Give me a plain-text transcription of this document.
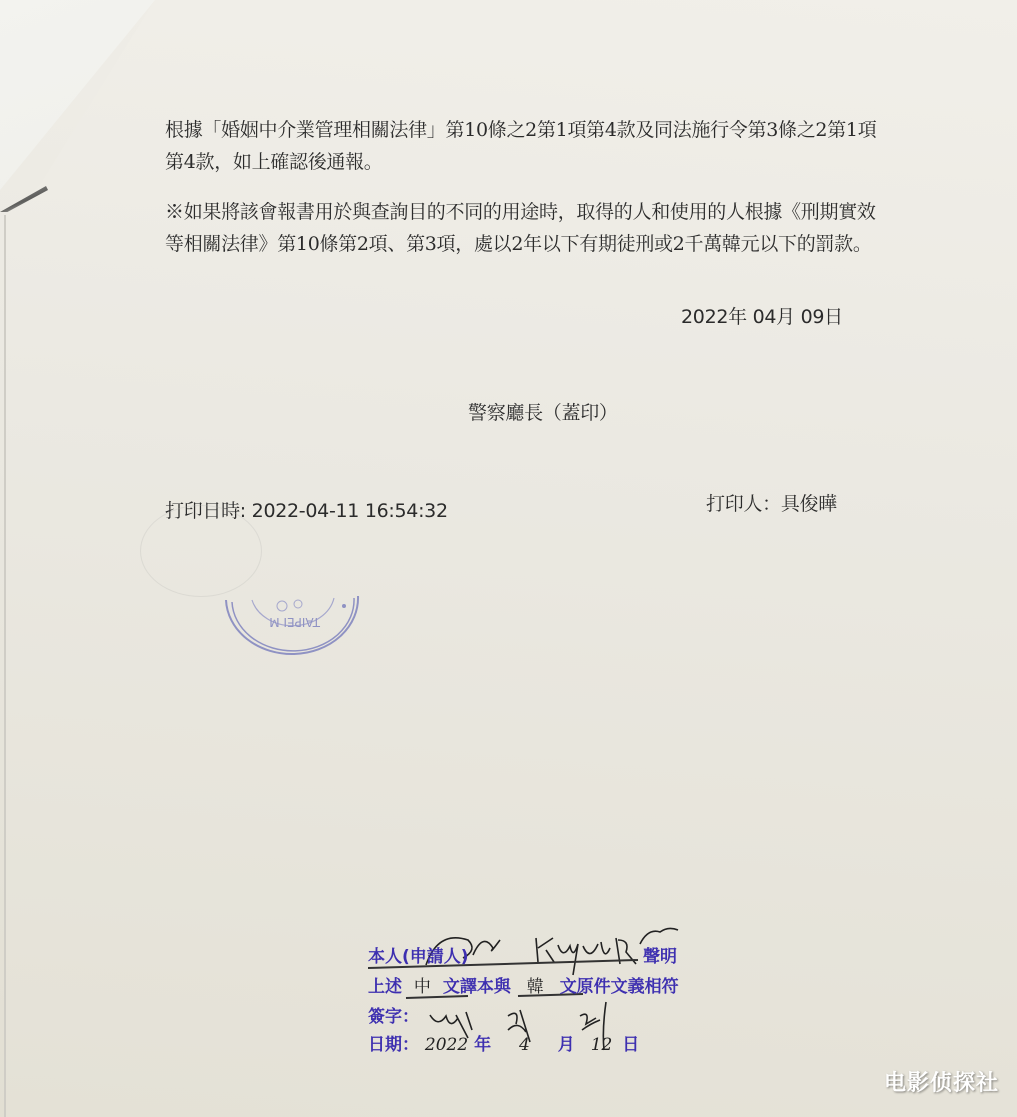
根據「婚姻中介業管理相關法律」第10條之2第1項第4款及同法施行令第3條之2第1項第4款，如上確認後通報。
※如果將該會報書用於與查詢目的不同的用途時，取得的人和使用的人根據《刑期實效等相關法律》第10條第2項、第3項，處以2年以下有期徒刑或2千萬韓元以下的罰款。
2022年 04月 09日
警察廳長（蓋印）
打印日時: 2022-04-11 16:54:32	打印人：具俊曄
TAIPEI M
本人(申請人)	聲明
上述 中 文譯本與 韓 文原件文義相符
簽字：
日期： 2022 年 4 月 12 日
电影侦探社
